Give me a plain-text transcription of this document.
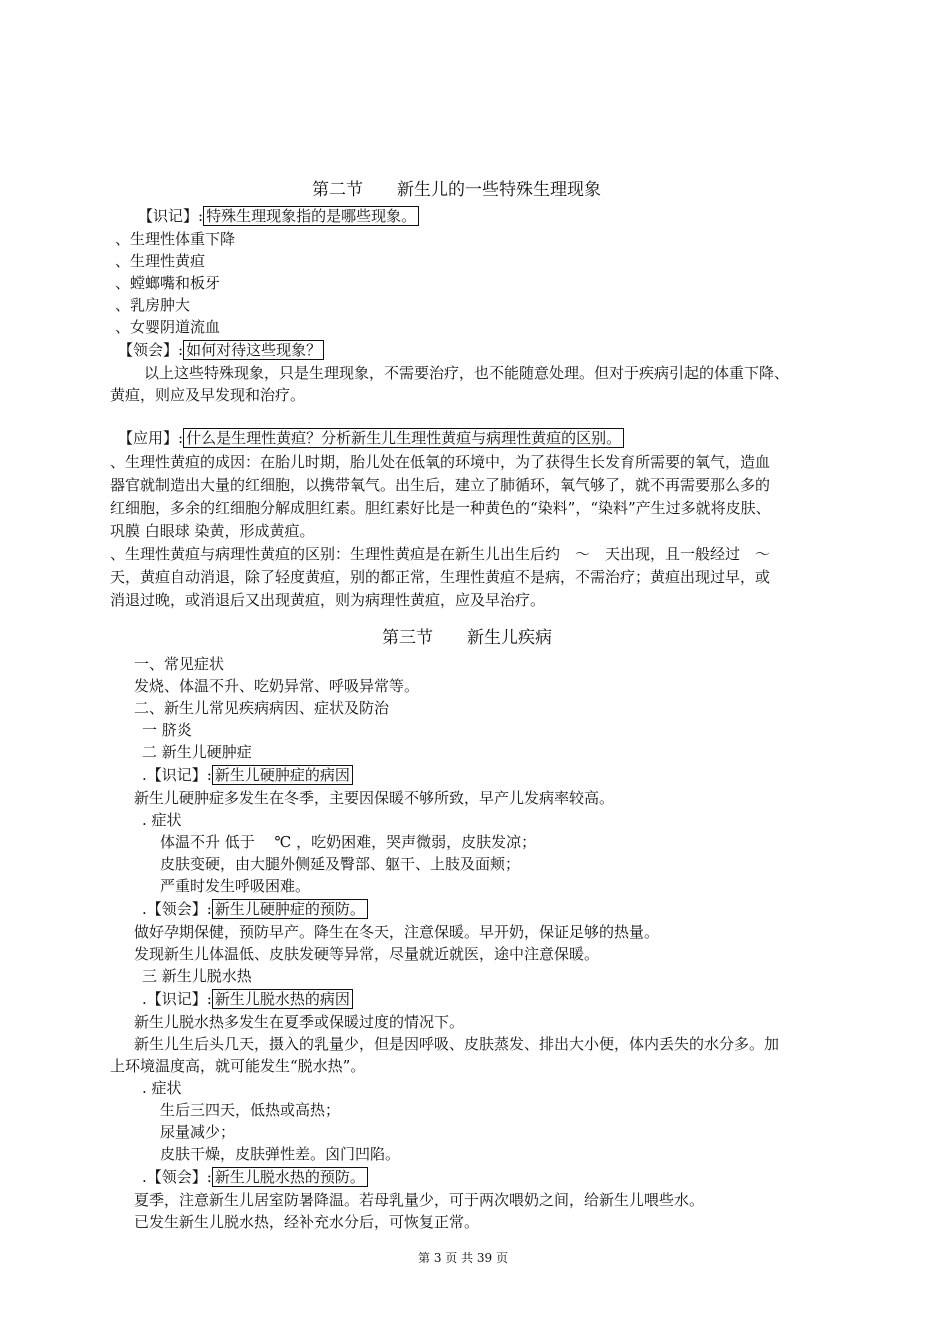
第二节　　新生儿的一些特殊生理现象
【识记】: 特殊生理现象指的是哪些现象。
、生理性体重下降
、生理性黄疸
、螳螂嘴和板牙
、乳房肿大
、女婴阴道流血
【领会】: 如何对待这些现象？
以上这些特殊现象，只是生理现象，不需要治疗，也不能随意处理。但对于疾病引起的体重下降、
黄疸，则应及早发现和治疗。
【应用】: 什么是生理性黄疸？分析新生儿生理性黄疸与病理性黄疸的区别。
、生理性黄疸的成因：在胎儿时期，胎儿处在低氧的环境中，为了获得生长发育所需要的氧气，造血
器官就制造出大量的红细胞，以携带氧气。出生后，建立了肺循环，氧气够了，就不再需要那么多的
红细胞，多余的红细胞分解成胆红素。胆红素好比是一种黄色的“染料”，“染料”产生过多就将皮肤、
巩膜 白眼球 染黄，形成黄疸。
、生理性黄疸与病理性黄疸的区别：生理性黄疸是在新生儿出生后约　～　天出现，且一般经过　～
天，黄疸自动消退，除了轻度黄疸，别的都正常，生理性黄疸不是病，不需治疗；黄疸出现过早，或
消退过晚，或消退后又出现黄疸，则为病理性黄疸，应及早治疗。
第三节　　新生儿疾病
一、常见症状
发烧、体温不升、吃奶异常、呼吸异常等。
二、新生儿常见疾病病因、症状及防治
一 脐炎
二 新生儿硬肿症
.【识记】: 新生儿硬肿症的病因
新生儿硬肿症多发生在冬季，主要因保暖不够所致，早产儿发病率较高。
. 症状
体温不升 低于　 ℃ ，吃奶困难，哭声微弱，皮肤发凉；
皮肤变硬，由大腿外侧延及臀部、躯干、上肢及面颊；
严重时发生呼吸困难。
.【领会】: 新生儿硬肿症的预防。
做好孕期保健，预防早产。降生在冬天，注意保暖。早开奶，保证足够的热量。
发现新生儿体温低、皮肤发硬等异常，尽量就近就医，途中注意保暖。
三 新生儿脱水热
.【识记】: 新生儿脱水热的病因
新生儿脱水热多发生在夏季或保暖过度的情况下。
新生儿生后头几天，摄入的乳量少，但是因呼吸、皮肤蒸发、排出大小便，体内丢失的水分多。加
上环境温度高，就可能发生“脱水热”。
. 症状
生后三四天，低热或高热；
尿量减少；
皮肤干燥，皮肤弹性差。囟门凹陷。
.【领会】: 新生儿脱水热的预防。
夏季，注意新生儿居室防暑降温。若母乳量少，可于两次喂奶之间，给新生儿喂些水。
已发生新生儿脱水热，经补充水分后，可恢复正常。
第 3 页 共 39 页
